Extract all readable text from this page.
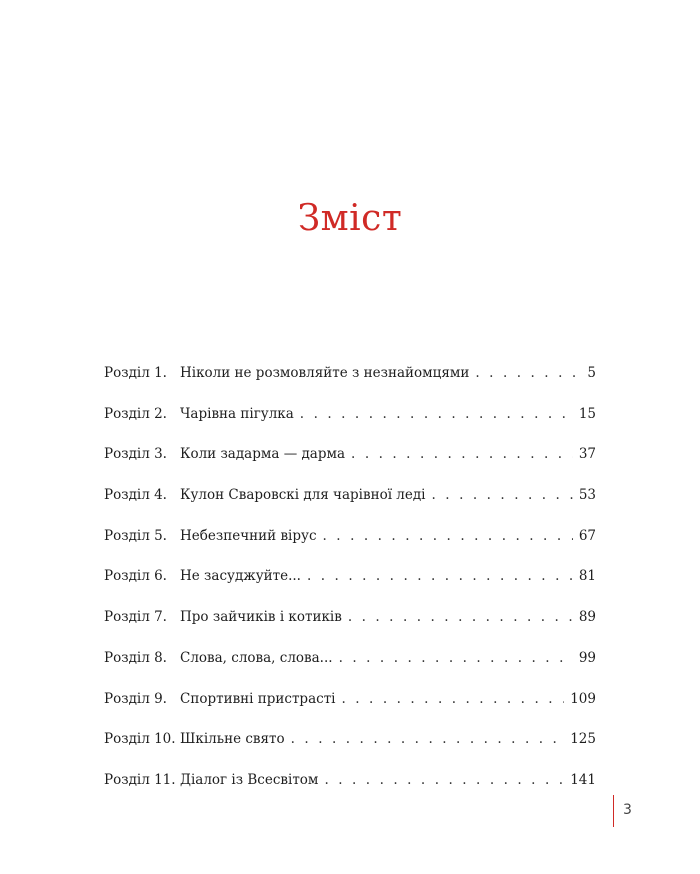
Зміст
Розділ 1. Ніколи не розмовляйте з незнайомцями . . .	5
Розділ 2. Чарівна пігулка . . .	15
Розділ 3. Коли задарма — дарма . . .	37
Розділ 4. Кулон Сваровскі для чарівної леді . . .	53
Розділ 5. Небезпечний вірус . . .	67
Розділ 6. Не засуджуйте... . . .	81
Розділ 7. Про зайчиків і котиків . . .	89
Розділ 8. Слова, слова, слова... . . .	99
Розділ 9. Спортивні пристрасті . . .	109
Розділ 10. Шкільне свято . . .	125
Розділ 11. Діалог із Всесвітом . . .	141
3
